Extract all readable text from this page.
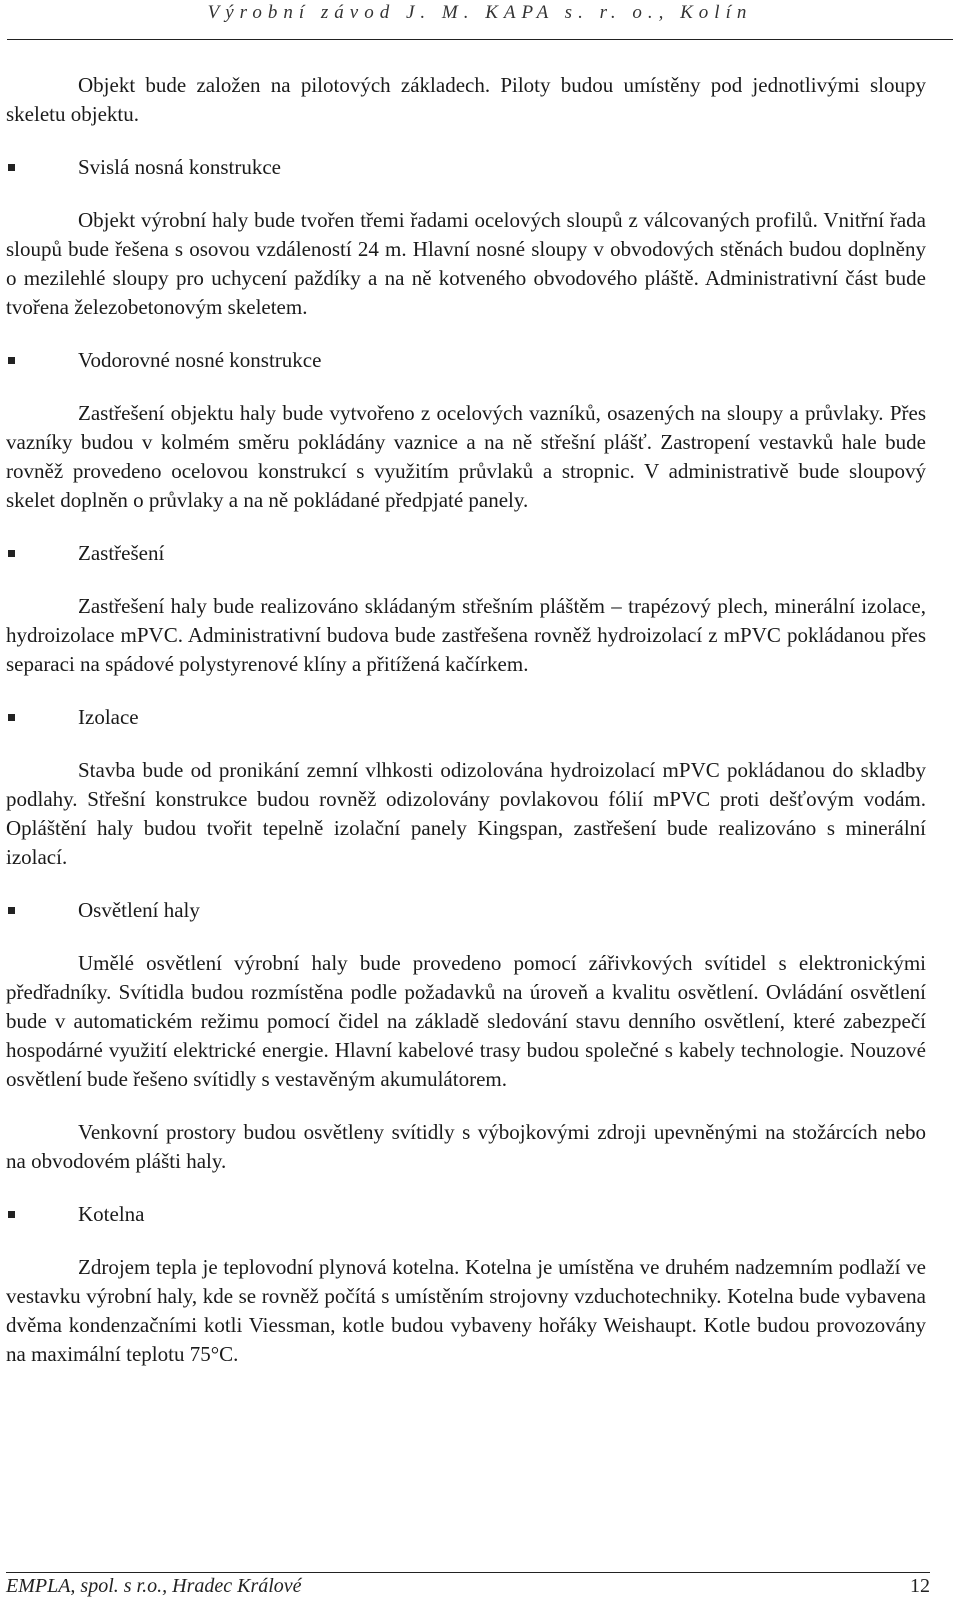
Výrobní závod J. M. KAPA s. r. o., Kolín

Objekt bude založen na pilotových základech. Piloty budou umístěny pod jednotlivými sloupy skeletu objektu.

Svislá nosná konstrukce

Objekt výrobní haly bude tvořen třemi řadami ocelových sloupů z válcovaných profilů. Vnitřní řada sloupů bude řešena s osovou vzdáleností 24 m. Hlavní nosné sloupy v obvodových stěnách budou doplněny o mezilehlé sloupy pro uchycení paždíky a na ně kotveného obvodového pláště. Administrativní část bude tvořena železobetonovým skeletem.

Vodorovné nosné konstrukce

Zastřešení objektu haly bude vytvořeno z ocelových vazníků, osazených na sloupy a průvlaky. Přes vazníky budou v kolmém směru pokládány vaznice a na ně střešní plášť. Zastropení vestavků hale bude rovněž provedeno ocelovou konstrukcí s využitím průvlaků a stropnic. V administrativě bude sloupový skelet doplněn o průvlaky a na ně pokládané předpjaté panely.

Zastřešení

Zastřešení haly bude realizováno skládaným střešním pláštěm – trapézový plech, minerální izolace, hydroizolace mPVC. Administrativní budova bude zastřešena rovněž hydroizolací z mPVC pokládanou přes separaci na spádové polystyrenové klíny a přitížená kačírkem.

Izolace

Stavba bude od pronikání zemní vlhkosti odizolována hydroizolací mPVC pokládanou do skladby podlahy. Střešní konstrukce budou rovněž odizolovány povlakovou fólií mPVC proti dešťovým vodám. Opláštění haly budou tvořit tepelně izolační panely Kingspan, zastřešení bude realizováno s minerální izolací.

Osvětlení haly

Umělé osvětlení výrobní haly bude provedeno pomocí zářivkových svítidel s elektronickými předřadníky. Svítidla budou rozmístěna podle požadavků na úroveň a kvalitu osvětlení. Ovládání osvětlení bude v automatickém režimu pomocí čidel na základě sledování stavu denního osvětlení, které zabezpečí hospodárné využití elektrické energie. Hlavní kabelové trasy budou společné s kabely technologie. Nouzové osvětlení bude řešeno svítidly s vestavěným akumulátorem.

Venkovní prostory budou osvětleny svítidly s výbojkovými zdroji upevněnými na stožárcích nebo na obvodovém plášti haly.

Kotelna

Zdrojem tepla je teplovodní plynová kotelna. Kotelna je umístěna ve druhém nadzemním podlaží ve vestavku výrobní haly, kde se rovněž počítá s umístěním strojovny vzduchotechniky. Kotelna bude vybavena dvěma kondenzačními kotli Viessman, kotle budou vybaveny hořáky Weishaupt. Kotle budou provozovány na maximální teplotu 75°C.

EMPLA, spol. s r.o., Hradec Králové	12
